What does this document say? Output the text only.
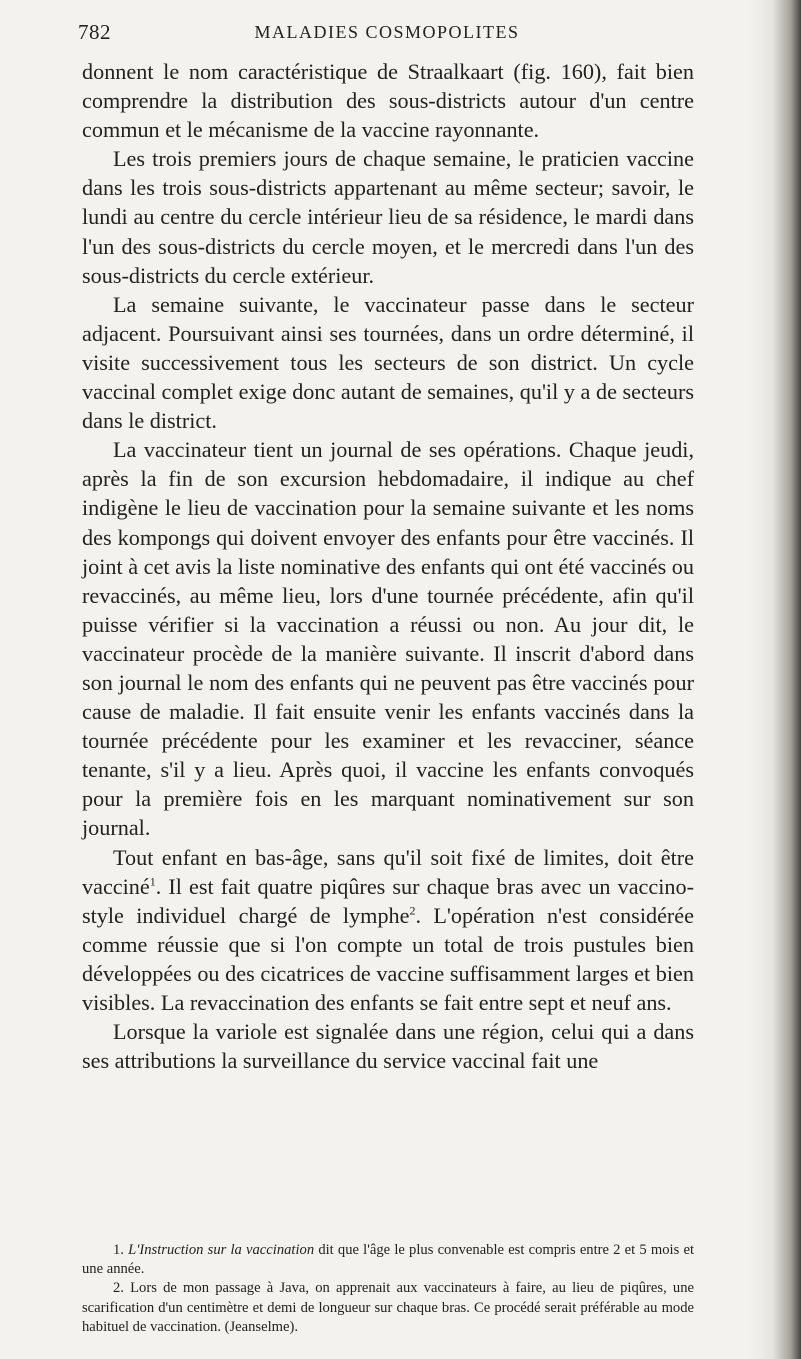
782	MALADIES COSMOPOLITES

donnent le nom caractéristique de Straalkaart (fig. 160), fait bien comprendre la distribution des sous-districts autour d'un centre commun et le mécanisme de la vaccine rayonnante.

Les trois premiers jours de chaque semaine, le praticien vaccine dans les trois sous-districts appartenant au même secteur; savoir, le lundi au centre du cercle intérieur lieu de sa résidence, le mardi dans l'un des sous-districts du cercle moyen, et le mercredi dans l'un des sous-districts du cercle extérieur.

La semaine suivante, le vaccinateur passe dans le secteur adjacent. Poursuivant ainsi ses tournées, dans un ordre déterminé, il visite successivement tous les secteurs de son district. Un cycle vaccinal complet exige donc autant de semaines, qu'il y a de secteurs dans le district.

La vaccinateur tient un journal de ses opérations. Chaque jeudi, après la fin de son excursion hebdomadaire, il indique au chef indigène le lieu de vaccination pour la semaine suivante et les noms des kompongs qui doivent envoyer des enfants pour être vaccinés. Il joint à cet avis la liste nominative des enfants qui ont été vaccinés ou revaccinés, au même lieu, lors d'une tournée précédente, afin qu'il puisse vérifier si la vaccination a réussi ou non. Au jour dit, le vaccinateur procède de la manière suivante. Il inscrit d'abord dans son journal le nom des enfants qui ne peuvent pas être vaccinés pour cause de maladie. Il fait ensuite venir les enfants vaccinés dans la tournée précédente pour les examiner et les revacciner, séance tenante, s'il y a lieu. Après quoi, il vaccine les enfants convoqués pour la première fois en les marquant nominativement sur son journal.

Tout enfant en bas-âge, sans qu'il soit fixé de limites, doit être vacciné$^1$. Il est fait quatre piqûres sur chaque bras avec un vaccino-style individuel chargé de lymphe$^2$. L'opération n'est considérée comme réussie que si l'on compte un total de trois pustules bien développées ou des cicatrices de vaccine suffisamment larges et bien visibles. La revaccination des enfants se fait entre sept et neuf ans.

Lorsque la variole est signalée dans une région, celui qui a dans ses attributions la surveillance du service vaccinal fait une

1. L'Instruction sur la vaccination dit que l'âge le plus convenable est compris entre 2 et 5 mois et une année.

2. Lors de mon passage à Java, on apprenait aux vaccinateurs à faire, au lieu de piqûres, une scarification d'un centimètre et demi de longueur sur chaque bras. Ce procédé serait préférable au mode habituel de vaccination. (Jeanselme).
